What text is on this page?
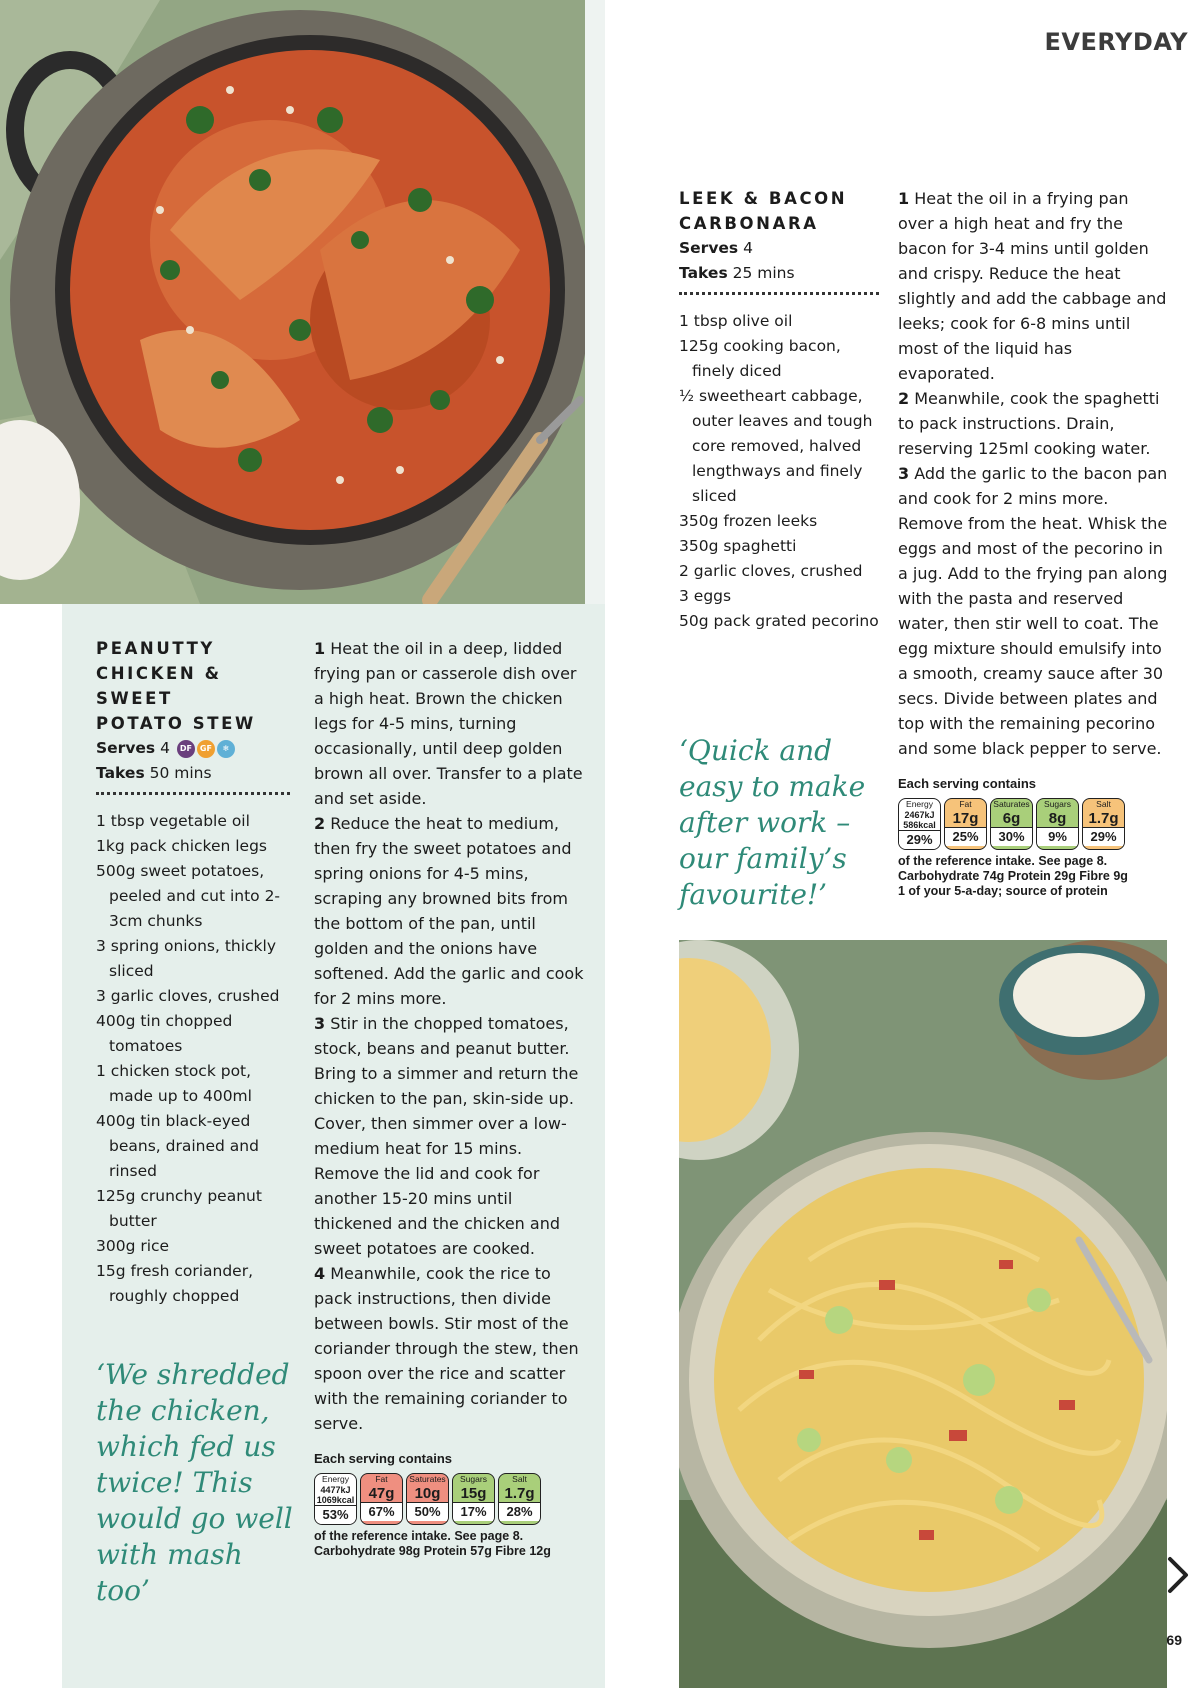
EVERYDAY
PEANUTTY
CHICKEN & SWEET
POTATO STEW
Serves 4	DF GF	❄
Takes 50 mins
1 tbsp vegetable oil
1kg pack chicken legs
500g sweet potatoes, peeled and cut into 2-3cm chunks
3 spring onions, thickly sliced
3 garlic cloves, crushed
400g tin chopped tomatoes
1 chicken stock pot, made up to 400ml
400g tin black-eyed beans, drained and rinsed
125g crunchy peanut butter
300g rice
15g fresh coriander, roughly chopped
‘We shredded
the chicken,
which fed us
twice! This
would go well
with mash too’

1 Heat the oil in a deep, lidded frying pan or casserole dish over a high heat. Brown the chicken legs for 4-5 mins, turning occasionally, until deep golden brown all over. Transfer to a plate and set aside.

2 Reduce the heat to medium, then fry the sweet potatoes and spring onions for 4-5 mins, scraping any browned bits from the bottom of the pan, until golden and the onions have softened. Add the garlic and cook for 2 mins more.

3 Stir in the chopped tomatoes, stock, beans and peanut butter. Bring to a simmer and return the chicken to the pan, skin-side up. Cover, then simmer over a low-medium heat for 15 mins. Remove the lid and cook for another 15-20 mins until thickened and the chicken and sweet potatoes are cooked.

4 Meanwhile, cook the rice to pack instructions, then divide between bowls. Stir most of the coriander through the stew, then spoon over the rice and scatter with the remaining coriander to serve.

Each serving contains
Energy
4477kJ
1069kcal
53%
Fat
47g
67%
Saturates
10g
50%
Sugars
15g
17%
Salt
1.7g
28%
of the reference intake. See page 8.
Carbohydrate 98g Protein 57g Fibre 12g
LEEK & BACON
CARBONARA
Serves 4
Takes 25 mins
1 tbsp olive oil
125g cooking bacon, finely diced
½ sweetheart cabbage, outer leaves and tough core removed, halved lengthways and finely sliced
350g frozen leeks
350g spaghetti
2 garlic cloves, crushed
3 eggs
50g pack grated pecorino
‘Quick and
easy to make
after work –
our family’s
favourite!’

1 Heat the oil in a frying pan over a high heat and fry the bacon for 3-4 mins until golden and crispy. Reduce the heat slightly and add the cabbage and leeks; cook for 6-8 mins until most of the liquid has evaporated.

2 Meanwhile, cook the spaghetti to pack instructions. Drain, reserving 125ml cooking water.

3 Add the garlic to the bacon pan and cook for 2 mins more. Remove from the heat. Whisk the eggs and most of the pecorino in a jug. Add to the frying pan along with the pasta and reserved water, then stir well to coat. The egg mixture should emulsify into a smooth, creamy sauce after 30 secs. Divide between plates and top with the remaining pecorino and some black pepper to serve.

Each serving contains
Energy
2467kJ
586kcal
29%
Fat
17g
25%
Saturates
6g
30%
Sugars
8g
9%
Salt
1.7g
29%
of the reference intake. See page 8.
Carbohydrate 74g Protein 29g Fibre 9g
1 of your 5-a-day; source of protein
69
